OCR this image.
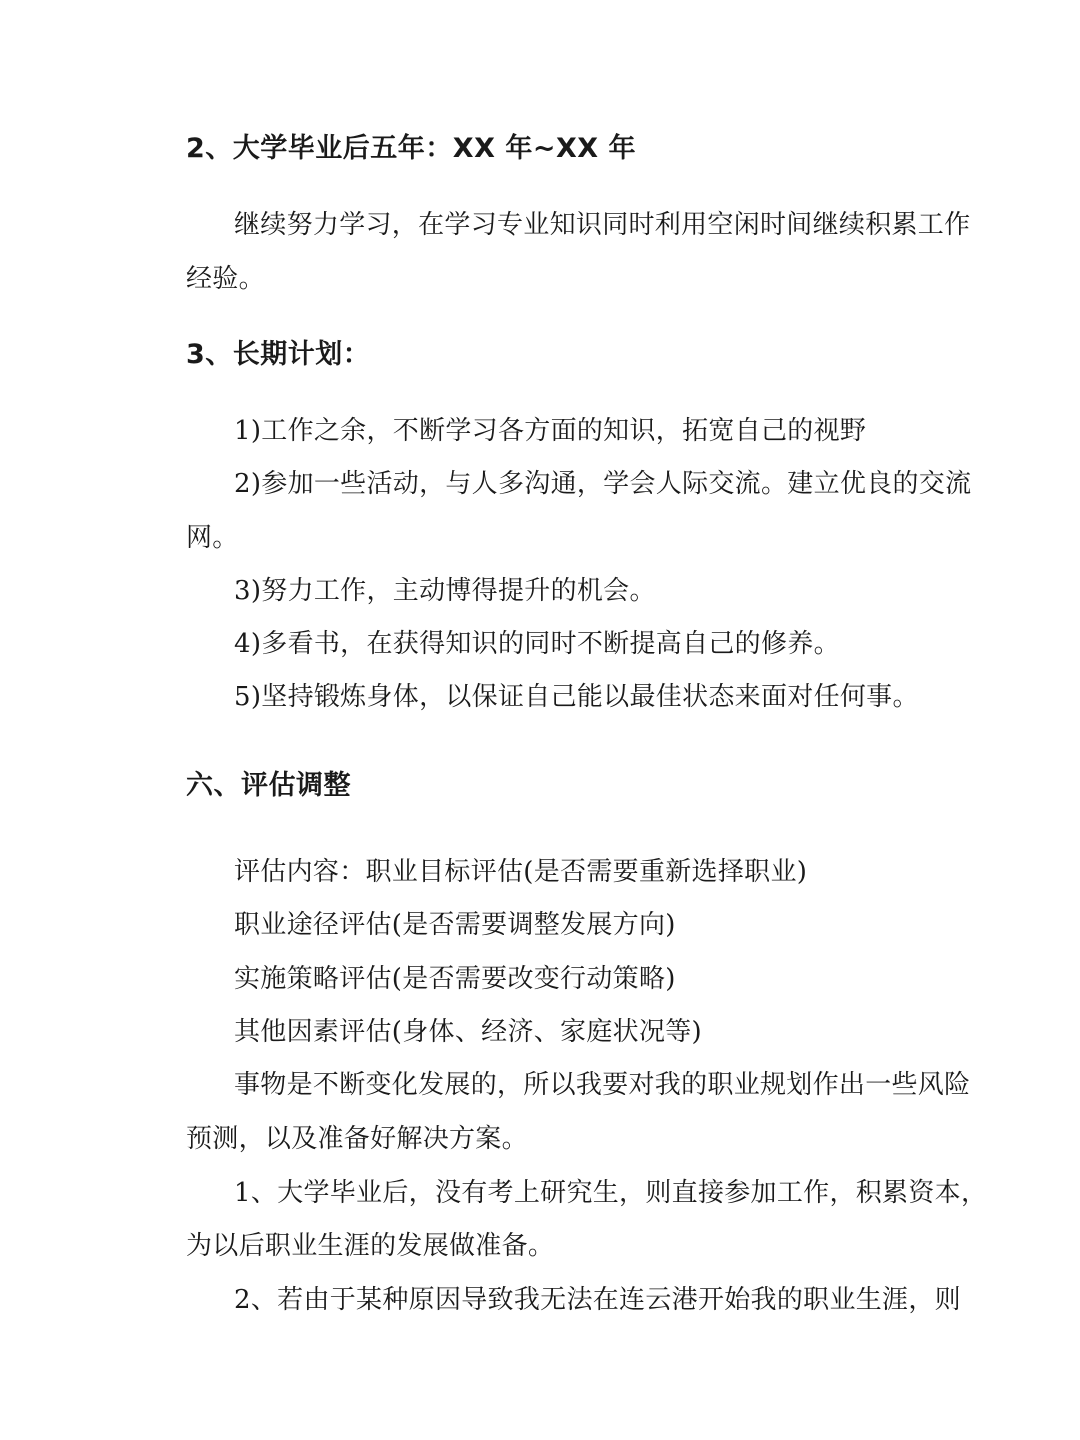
2、大学毕业后五年：XX 年~XX 年
继续努力学习，在学习专业知识同时利用空闲时间继续积累工作
经验。
3、长期计划：
1)工作之余，不断学习各方面的知识，拓宽自己的视野
2)参加一些活动，与人多沟通，学会人际交流。建立优良的交流
网。
3)努力工作，主动博得提升的机会。
4)多看书，在获得知识的同时不断提高自己的修养。
5)坚持锻炼身体，以保证自己能以最佳状态来面对任何事。
六、评估调整
评估内容：职业目标评估(是否需要重新选择职业)
职业途径评估(是否需要调整发展方向)
实施策略评估(是否需要改变行动策略)
其他因素评估(身体、经济、家庭状况等)
事物是不断变化发展的，所以我要对我的职业规划作出一些风险
预测，以及准备好解决方案。
1、大学毕业后，没有考上研究生，则直接参加工作，积累资本，
为以后职业生涯的发展做准备。
2、若由于某种原因导致我无法在连云港开始我的职业生涯，则
